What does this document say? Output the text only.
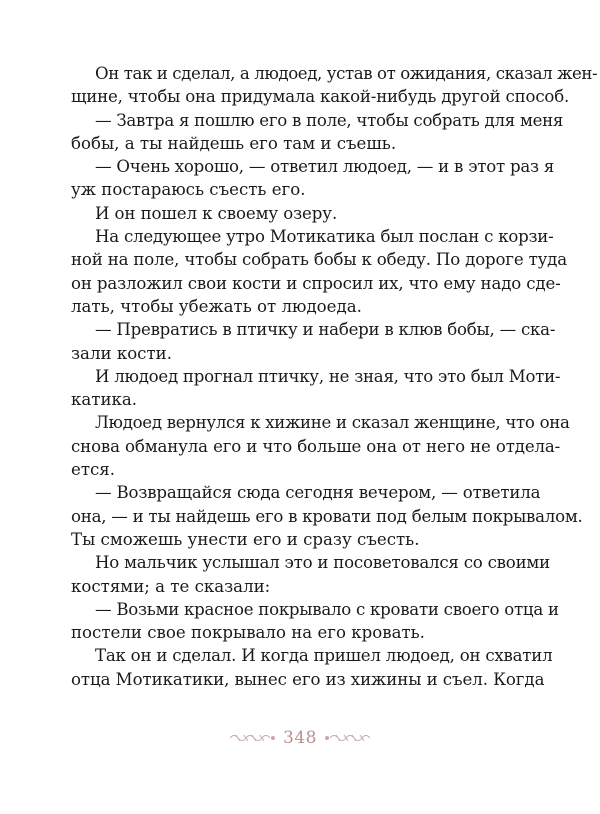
Он так и сделал, а людоед, устав от ожидания, сказал жен-
щине, чтобы она придумала какой-нибудь другой способ.

— Завтра я пошлю его в поле, чтобы собрать для меня
бобы, а ты найдешь его там и съешь.

— Очень хорошо, — ответил людоед, — и в этот раз я
уж постараюсь съесть его.

И он пошел к своему озеру.

На следующее утро Мотикатика был послан с корзи-
ной на поле, чтобы собрать бобы к обеду. По дороге туда
он разложил свои кости и спросил их, что ему надо сде-
лать, чтобы убежать от людоеда.

— Превратись в птичку и набери в клюв бобы, — ска-
зали кости.

И людоед прогнал птичку, не зная, что это был Моти-
катика.

Людоед вернулся к хижине и сказал женщине, что она
снова обманула его и что больше она от него не отдела-
ется.

— Возвращайся сюда сегодня вечером, — ответила
она, — и ты найдешь его в кровати под белым покрывалом.
Ты сможешь унести его и сразу съесть.

Но мальчик услышал это и посоветовался со своими
костями; а те сказали:

— Возьми красное покрывало с кровати своего отца и
постели свое покрывало на его кровать.

Так он и сделал. И когда пришел людоед, он схватил
отца Мотикатики, вынес его из хижины и съел. Когда

348
